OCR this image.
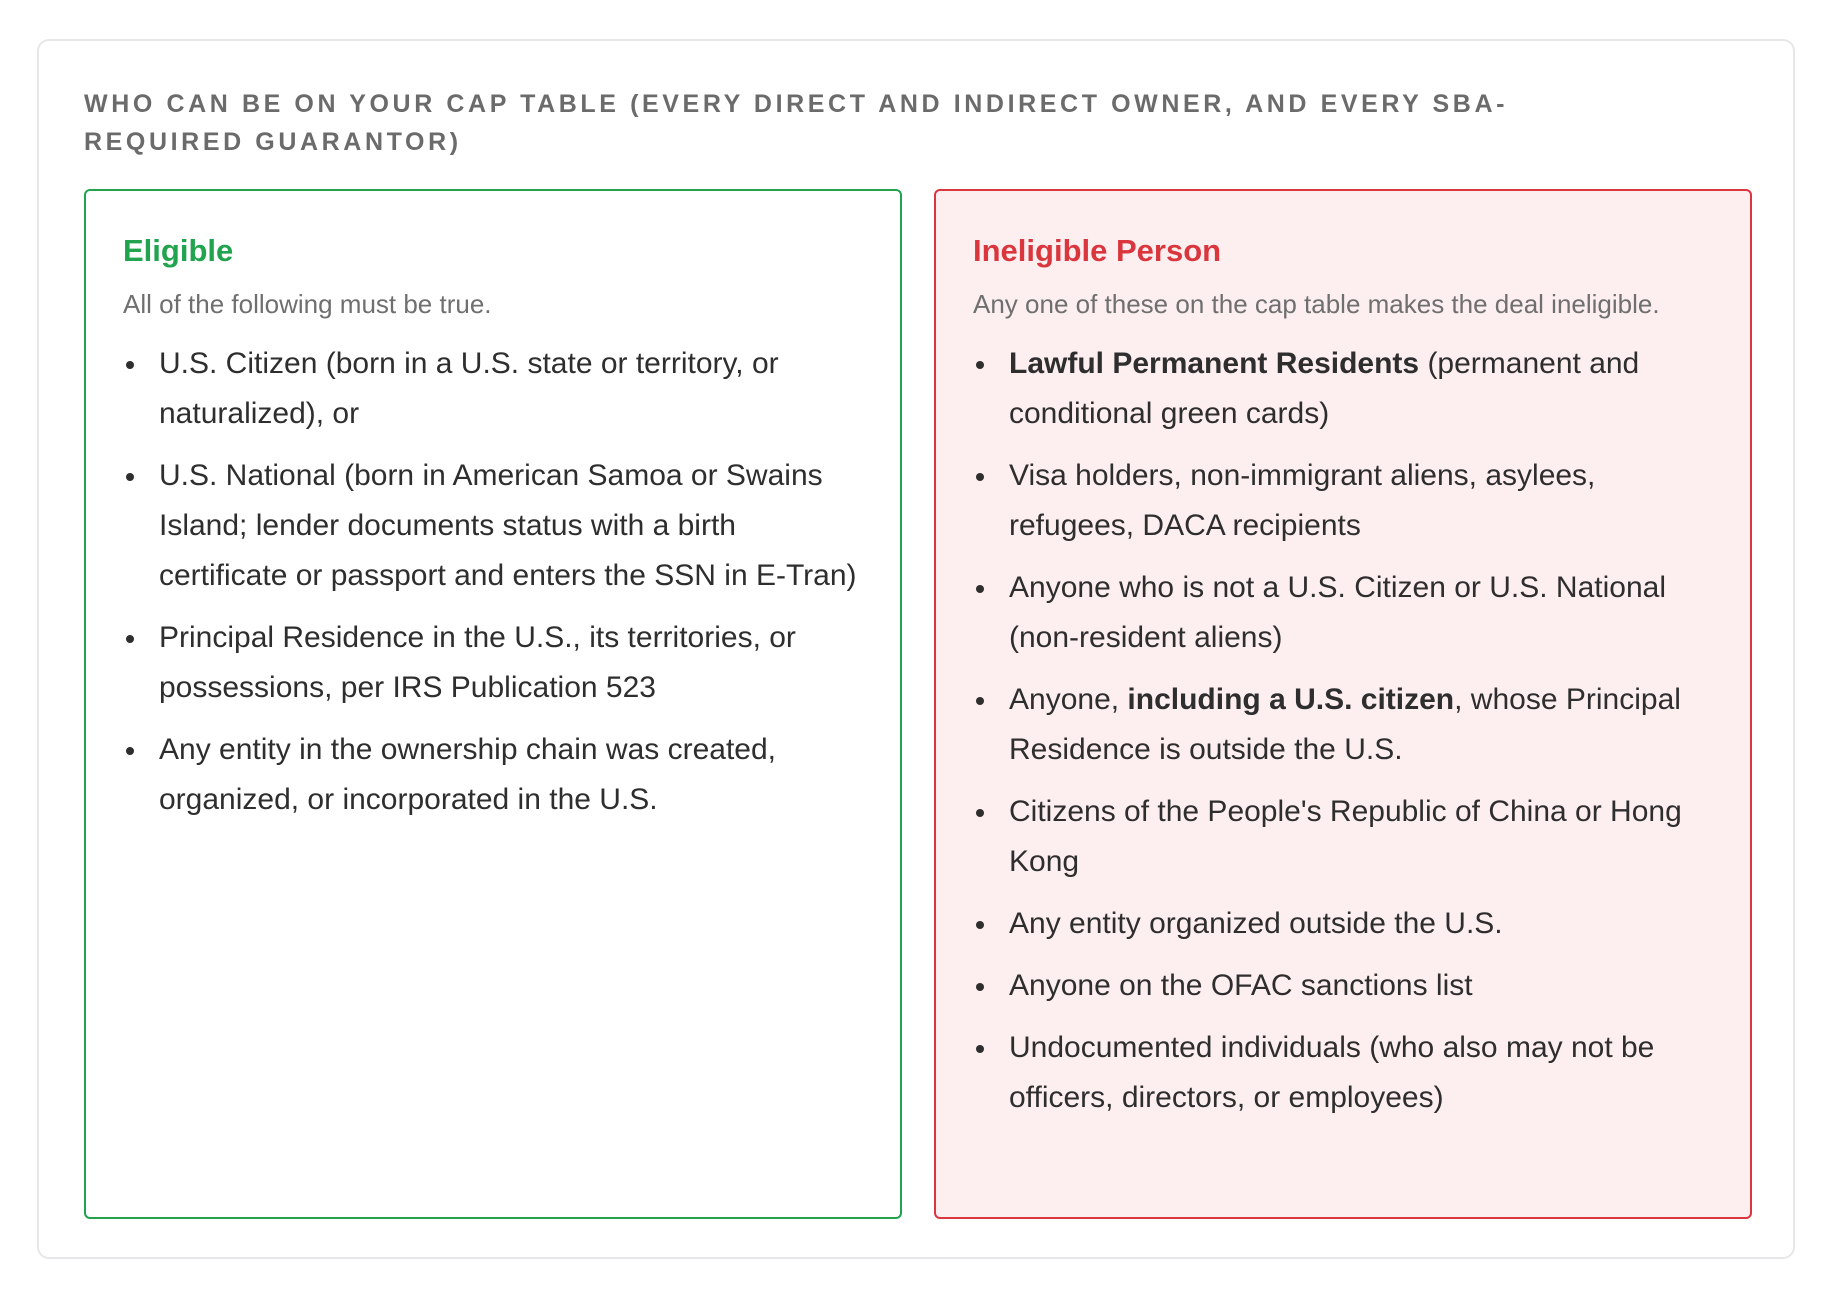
WHO CAN BE ON YOUR CAP TABLE (EVERY DIRECT AND INDIRECT OWNER, AND EVERY SBA-REQUIRED GUARANTOR)
Eligible

All of the following must be true.

U.S. Citizen (born in a U.S. state or territory, or naturalized), or
U.S. National (born in American Samoa or Swains Island; lender documents status with a birth certificate or passport and enters the SSN in E-Tran)
Principal Residence in the U.S., its territories, or possessions, per IRS Publication 523
Any entity in the ownership chain was created, organized, or incorporated in the U.S.
Ineligible Person

Any one of these on the cap table makes the deal ineligible.

Lawful Permanent Residents (permanent and conditional green cards)
Visa holders, non-immigrant aliens, asylees, refugees, DACA recipients
Anyone who is not a U.S. Citizen or U.S. National (non-resident aliens)
Anyone, including a U.S. citizen, whose Principal Residence is outside the U.S.
Citizens of the People's Republic of China or Hong Kong
Any entity organized outside the U.S.
Anyone on the OFAC sanctions list
Undocumented individuals (who also may not be officers, directors, or employees)
